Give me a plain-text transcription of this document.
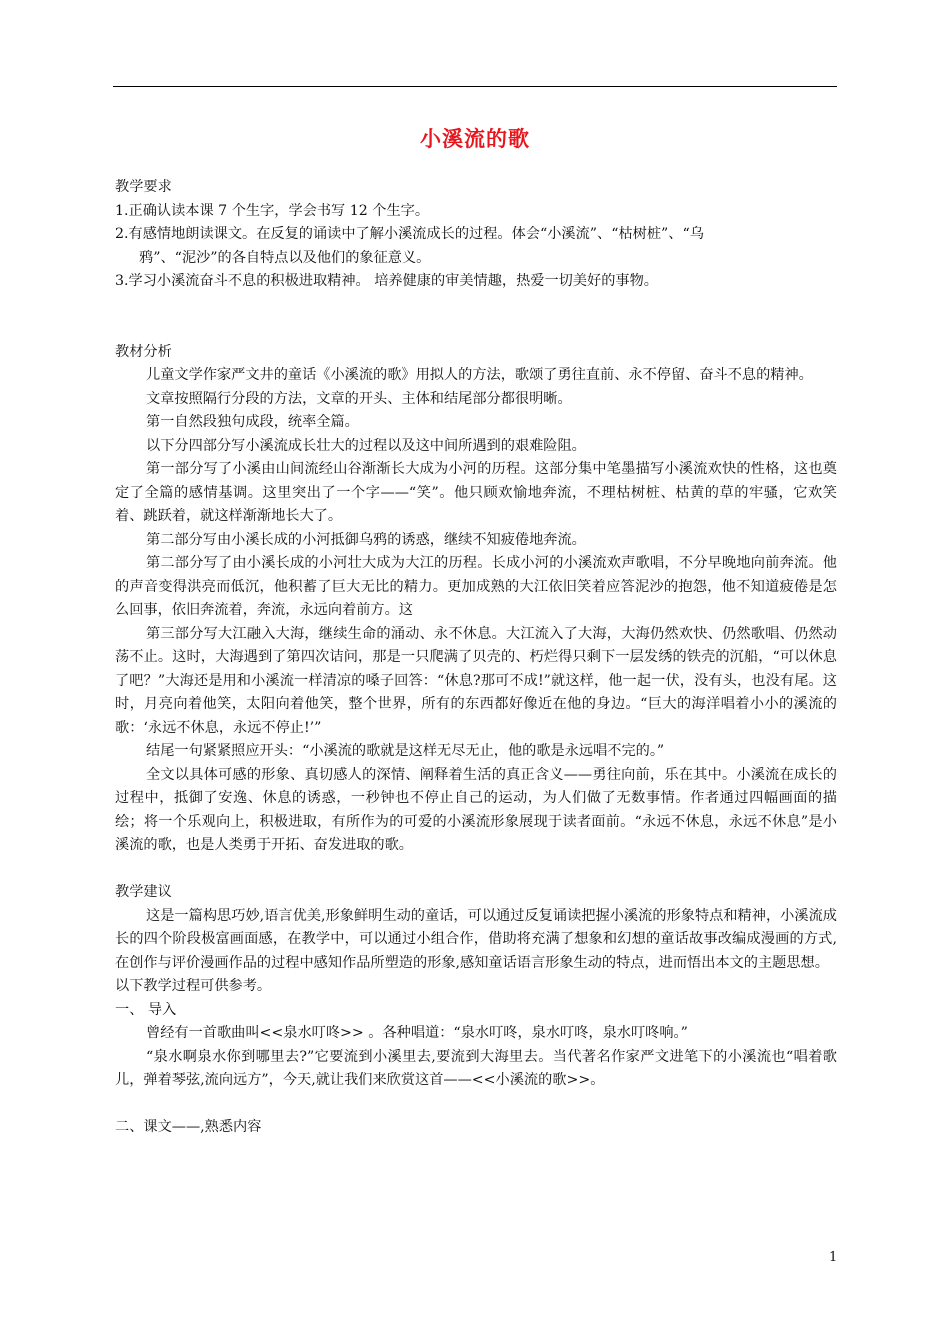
小溪流的歌
教学要求
1.正确认读本课 7 个生字，学会书写 12 个生字。
2.有感情地朗读课文。在反复的诵读中了解小溪流成长的过程。体会“小溪流”、“枯树桩”、“乌
鸦”、“泥沙”的各自特点以及他们的象征意义。
3.学习小溪流奋斗不息的积极进取精神。 培养健康的审美情趣，热爱一切美好的事物。
教材分析
儿童文学作家严文井的童话《小溪流的歌》用拟人的方法，歌颂了勇往直前、永不停留、奋斗不息的精神。
文章按照隔行分段的方法，文章的开头、主体和结尾部分都很明晰。
第一自然段独句成段，统率全篇。
以下分四部分写小溪流成长壮大的过程以及这中间所遇到的艰难险阻。
第一部分写了小溪由山间流经山谷渐渐长大成为小河的历程。这部分集中笔墨描写小溪流欢快的性格，这也奠定了全篇的感情基调。这里突出了一个字——“笑”。他只顾欢愉地奔流，不理枯树桩、枯黄的草的牢骚，它欢笑着、跳跃着，就这样渐渐地长大了。
第二部分写由小溪长成的小河抵御乌鸦的诱惑，继续不知疲倦地奔流。
第二部分写了由小溪长成的小河壮大成为大江的历程。长成小河的小溪流欢声歌唱，不分早晚地向前奔流。他的声音变得洪亮而低沉，他积蓄了巨大无比的精力。更加成熟的大江依旧笑着应答泥沙的抱怨，他不知道疲倦是怎么回事，依旧奔流着，奔流，永远向着前方。这
第三部分写大江融入大海，继续生命的涌动、永不休息。大江流入了大海，大海仍然欢快、仍然歌唱、仍然动荡不止。这时，大海遇到了第四次诘问，那是一只爬满了贝壳的、朽烂得只剩下一层发绣的铁壳的沉船，“可以休息了吧？”大海还是用和小溪流一样清凉的嗓子回答：“休息?那可不成!”就这样，他一起一伏，没有头，也没有尾。这时，月亮向着他笑，太阳向着他笑，整个世界，所有的东西都好像近在他的身边。“巨大的海洋唱着小小的溪流的歌：‘永远不休息，永远不停止!’”
结尾一句紧紧照应开头：“小溪流的歌就是这样无尽无止，他的歌是永远唱不完的。”
全文以具体可感的形象、真切感人的深情、阐释着生活的真正含义——勇往向前，乐在其中。小溪流在成长的过程中，抵御了安逸、休息的诱惑，一秒钟也不停止自己的运动，为人们做了无数事情。作者通过四幅画面的描绘；将一个乐观向上，积极进取，有所作为的可爱的小溪流形象展现于读者面前。“永远不休息，永远不休息”是小溪流的歌，也是人类勇于开拓、奋发进取的歌。
教学建议
这是一篇构思巧妙,语言优美,形象鲜明生动的童话，可以通过反复诵读把握小溪流的形象特点和精神，小溪流成长的四个阶段极富画面感，在教学中，可以通过小组合作，借助将充满了想象和幻想的童话故事改编成漫画的方式,在创作与评价漫画作品的过程中感知作品所塑造的形象,感知童话语言形象生动的特点，进而悟出本文的主题思想。
以下教学过程可供参考。
一、 导入
曾经有一首歌曲叫<<泉水叮咚>> 。各种唱道：“泉水叮咚，泉水叮咚，泉水叮咚响。”
“泉水啊泉水你到哪里去?”它要流到小溪里去,要流到大海里去。当代著名作家严文进笔下的小溪流也“唱着歌儿，弹着琴弦,流向远方”，今天,就让我们来欣赏这首——<<小溪流的歌>>。
二、课文——,熟悉内容
1
